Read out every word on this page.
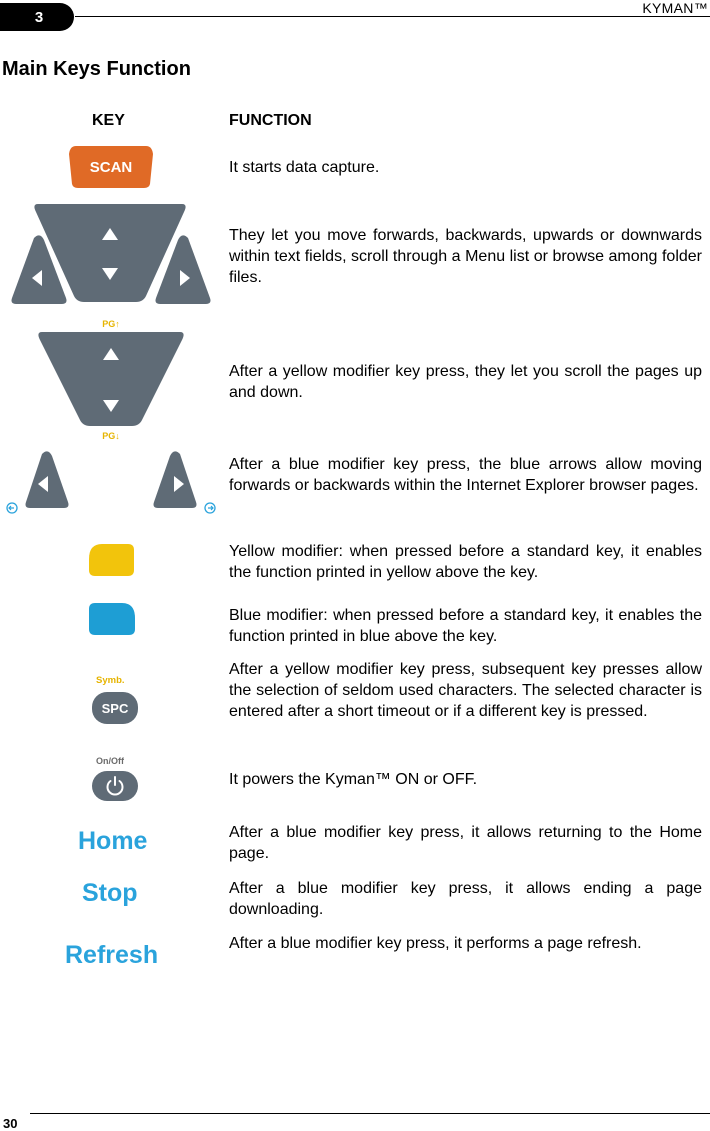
3
KYMAN™
Main Keys Function
KEY	FUNCTION
SCAN
PG↑
PG↓
Symb.
SPC
On/Off
Home
Stop
Refresh
It starts data capture.
They let you move forwards, backwards, upwards or downwards within text fields, scroll through a Menu list or browse among folder files.
After a yellow modifier key press, they let you scroll the pages up and down.
After a blue modifier key press, the blue arrows allow moving forwards or backwards within the Internet Explorer browser pages.
Yellow modifier: when pressed before a standard key, it enables the function printed in yellow above the key.
Blue modifier: when pressed before a standard key, it enables the function printed in blue above the key.
After a yellow modifier key press, subsequent key presses allow the selection of seldom used characters. The selected character is entered after a short timeout or if a different key is pressed.
It powers the Kyman™ ON or OFF.
After a blue modifier key press, it allows returning to the Home page.
After a blue modifier key press, it allows ending a page downloading.
After a blue modifier key press, it performs a page refresh.
30
